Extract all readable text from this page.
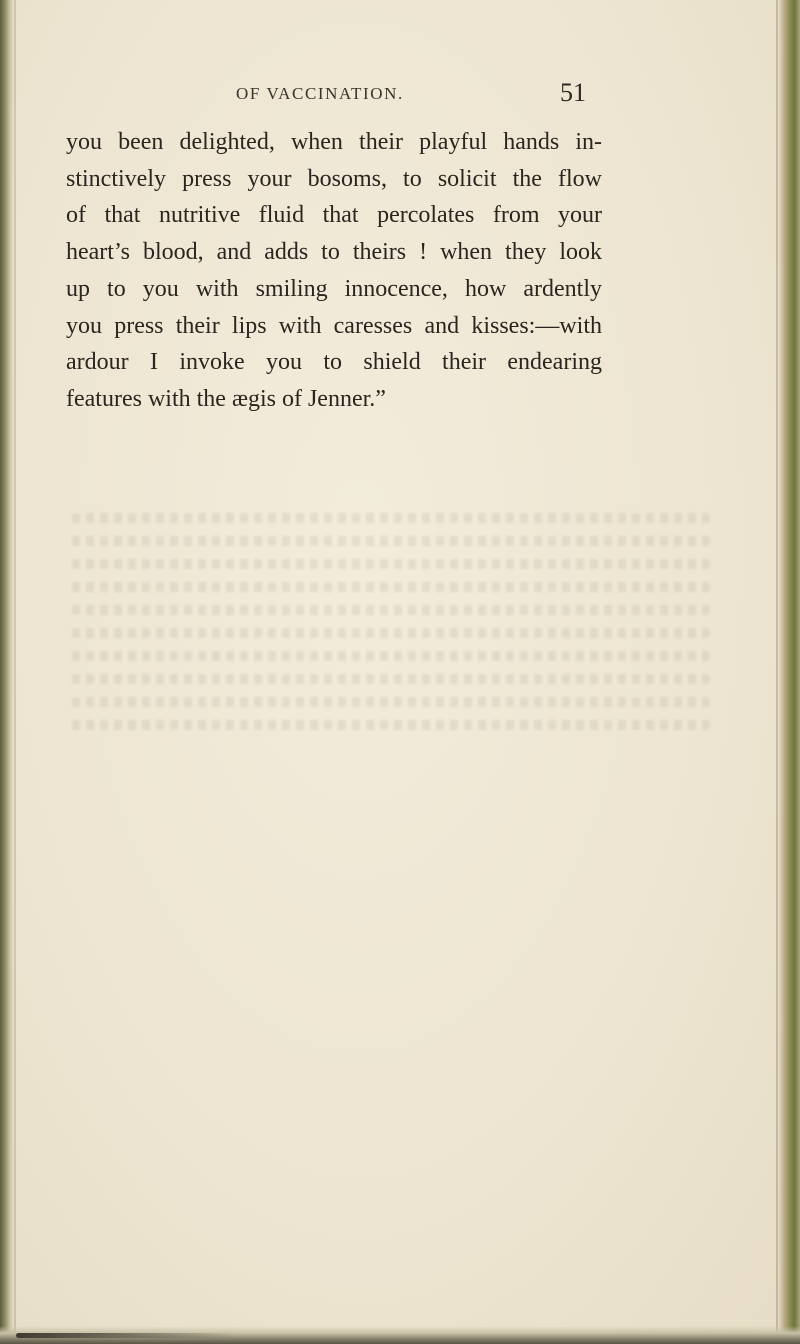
OF VACCINATION.	51
you been delighted, when their playful hands in-
stinctively press your bosoms, to solicit the flow
of that nutritive fluid that percolates from your
heart’s blood, and adds to theirs ! when they look
up to you with smiling innocence, how ardently
you press their lips with caresses and kisses:—with
ardour I invoke you to shield their endearing
features with the ægis of Jenner.”
